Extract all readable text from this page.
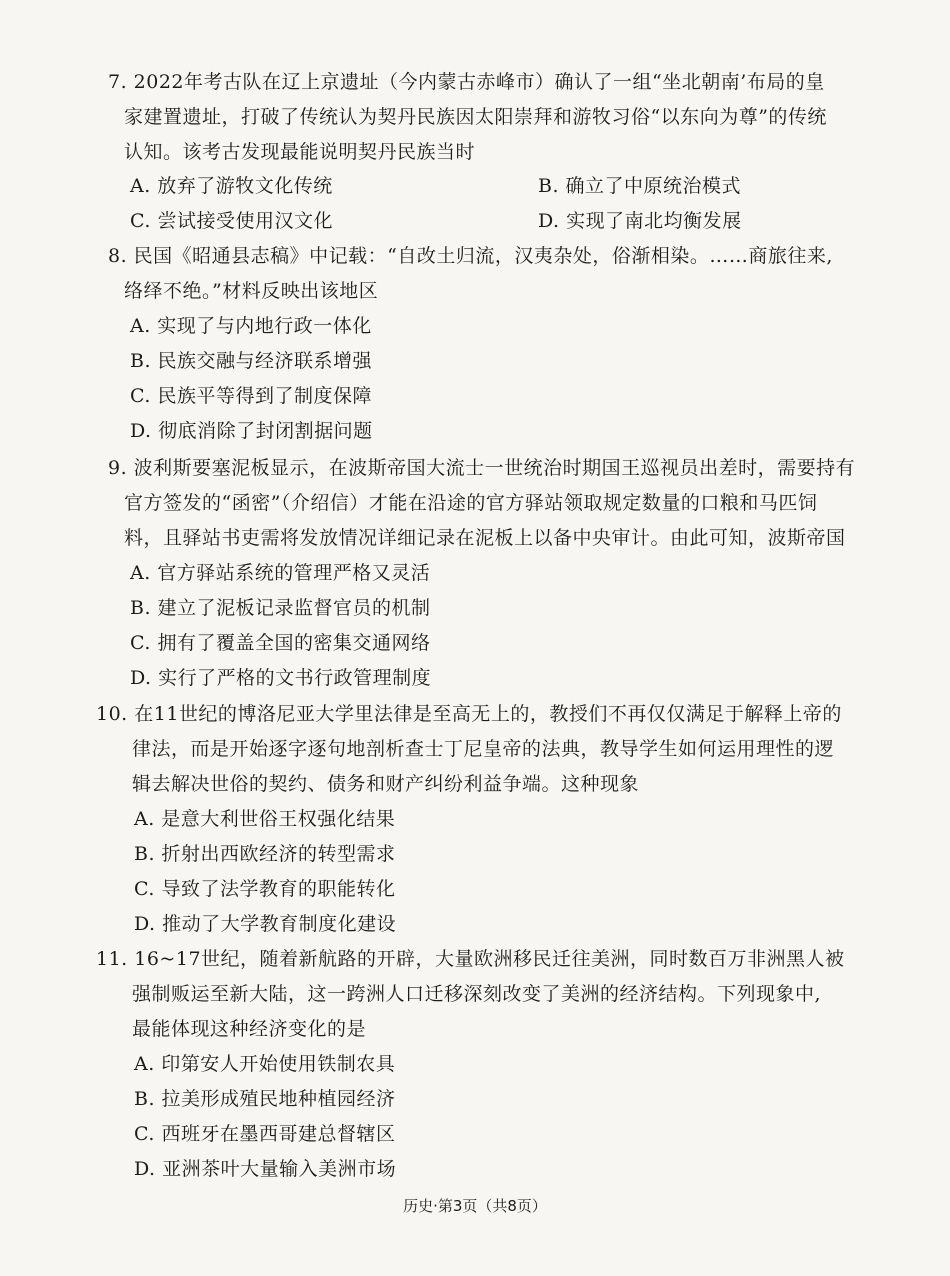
7. 2022年考古队在辽上京遗址（今内蒙古赤峰市）确认了一组“坐北朝南’布局的皇
家建置遗址，打破了传统认为契丹民族因太阳崇拜和游牧习俗“以东向为尊”的传统
认知。该考古发现最能说明契丹民族当时
A. 放弃了游牧文化传统	B. 确立了中原统治模式
C. 尝试接受使用汉文化	D. 实现了南北均衡发展
8. 民国《昭通县志稿》中记载：“自改土归流，汉夷杂处，俗渐相染。……商旅往来,
络绎不绝。”材料反映出该地区
A. 实现了与内地行政一体化
B. 民族交融与经济联系增强
C. 民族平等得到了制度保障
D. 彻底消除了封闭割据问题
9. 波利斯要塞泥板显示，在波斯帝国大流士一世统治时期国王巡视员出差时，需要持有
官方签发的“函密”（介绍信）才能在沿途的官方驿站领取规定数量的口粮和马匹饲
料，且驿站书吏需将发放情况详细记录在泥板上以备中央审计。由此可知，波斯帝国
A. 官方驿站系统的管理严格又灵活
B. 建立了泥板记录监督官员的机制
C. 拥有了覆盖全国的密集交通网络
D. 实行了严格的文书行政管理制度
10. 在11世纪的博洛尼亚大学里法律是至高无上的，教授们不再仅仅满足于解释上帝的
律法，而是开始逐字逐句地剖析查士丁尼皇帝的法典，教导学生如何运用理性的逻
辑去解决世俗的契约、债务和财产纠纷利益争端。这种现象
A. 是意大利世俗王权强化结果
B. 折射出西欧经济的转型需求
C. 导致了法学教育的职能转化
D. 推动了大学教育制度化建设
11. 16~17世纪，随着新航路的开辟，大量欧洲移民迁往美洲，同时数百万非洲黑人被
强制贩运至新大陆，这一跨洲人口迁移深刻改变了美洲的经济结构。下列现象中,
最能体现这种经济变化的是
A. 印第安人开始使用铁制农具
B. 拉美形成殖民地种植园经济
C. 西班牙在墨西哥建总督辖区
D. 亚洲茶叶大量输入美洲市场
历史·第3页（共8页）
